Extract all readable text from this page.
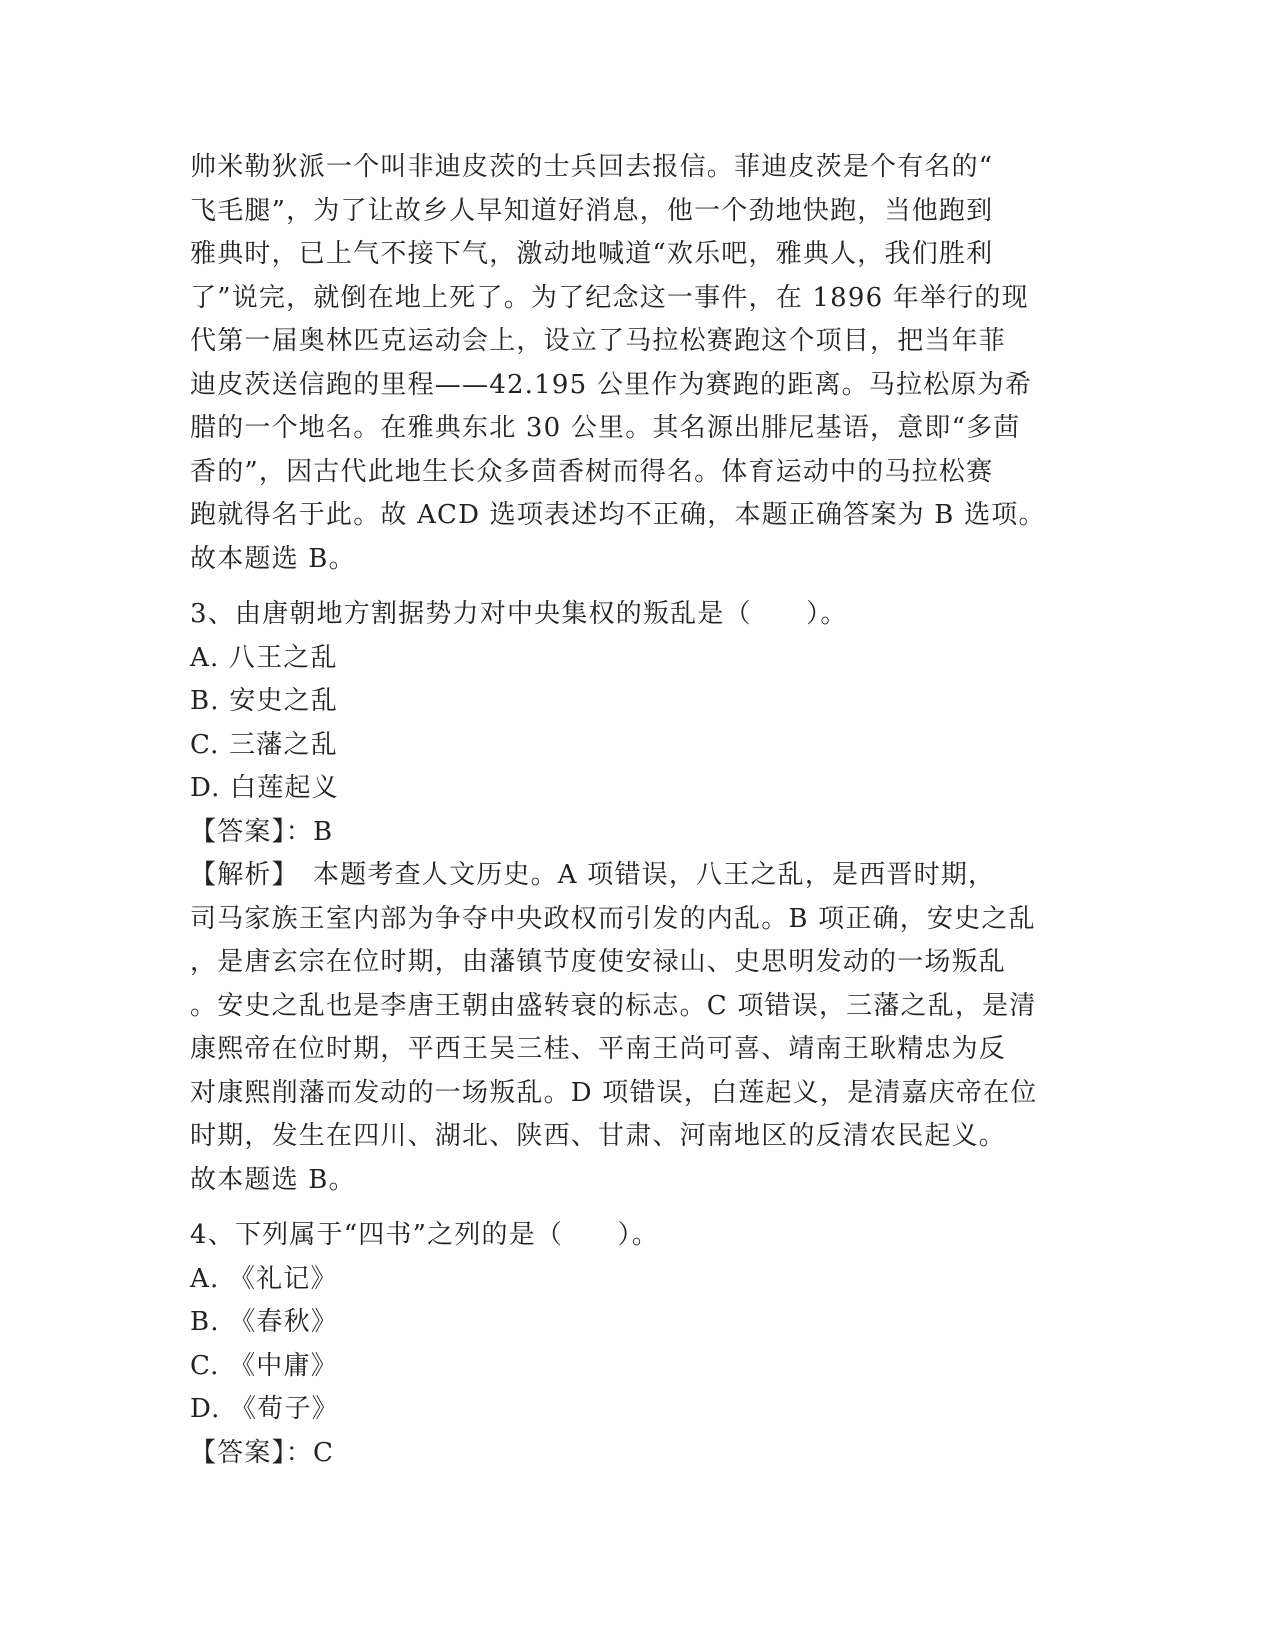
帅米勒狄派一个叫非迪皮茨的士兵回去报信。菲迪皮茨是个有名的“
飞毛腿”，为了让故乡人早知道好消息，他一个劲地快跑，当他跑到
雅典时，已上气不接下气，激动地喊道“欢乐吧，雅典人，我们胜利
了”说完，就倒在地上死了。为了纪念这一事件，在 1896 年举行的现
代第一届奥林匹克运动会上，设立了马拉松赛跑这个项目，把当年菲
迪皮茨送信跑的里程——42.195 公里作为赛跑的距离。马拉松原为希
腊的一个地名。在雅典东北 30 公里。其名源出腓尼基语，意即“多茴
香的”，因古代此地生长众多茴香树而得名。体育运动中的马拉松赛
跑就得名于此。故 ACD 选项表述均不正确，本题正确答案为 B 选项。
故本题选 B。
3、由唐朝地方割据势力对中央集权的叛乱是（　　）。
A. 八王之乱
B. 安史之乱
C. 三藩之乱
D. 白莲起义
【答案】：B
【解析】　本题考查人文历史。A 项错误，八王之乱，是西晋时期，
司马家族王室内部为争夺中央政权而引发的内乱。B 项正确，安史之乱
，是唐玄宗在位时期，由藩镇节度使安禄山、史思明发动的一场叛乱
。安史之乱也是李唐王朝由盛转衰的标志。C 项错误，三藩之乱，是清
康熙帝在位时期，平西王吴三桂、平南王尚可喜、靖南王耿精忠为反
对康熙削藩而发动的一场叛乱。D 项错误，白莲起义，是清嘉庆帝在位
时期，发生在四川、湖北、陕西、甘肃、河南地区的反清农民起义。
故本题选 B。
4、下列属于“四书”之列的是（　　）。
A. 《礼记》
B. 《春秋》
C. 《中庸》
D. 《荀子》
【答案】：C
